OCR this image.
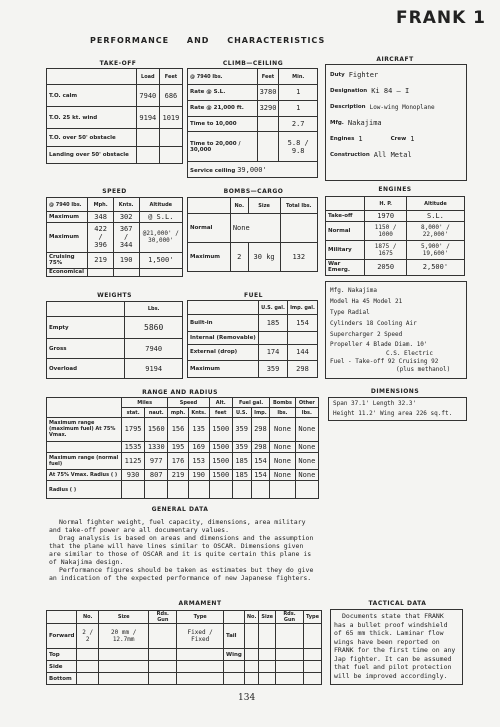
FRANK 1
PERFORMANCE AND CHARACTERISTICS
TAKE-OFF
	Load	Feet
T.O. calm	7940	686
T.O. 25 kt. wind	9194	1019
T.O. over 50' obstacle		
Landing over 50' obstacle		
CLIMB—CEILING
@ 7940 lbs.	Feet	Min.
Rate @ S.L.	3780	1
Rate @ 21,000 ft.	3290	1
Time to 10,000		2.7
Time to 20,000 / 30,000		5.8 / 9.8
Service ceiling 39,000'		
AIRCRAFT
Duty Fighter
Designation Ki 84 — I
Description Low-wing Monoplane
Mfg. Nakajima
Engines 1	Crew 1
Construction All Metal
SPEED
@ 7940 lbs.	Mph.	Knts.	Altitude
Maximum	348	302	@ S.L.
Maximum	422 / 396	367 / 344	@21,000' / 30,000'
Cruising 75%	219	190	1,500'
Economical			
BOMBS—CARGO
	No.	Size	Total lbs.
Normal	None		
Maximum	2	30 kg	132
ENGINES
	H. P.	Altitude
Take-off	1970	S.L.
Normal	1150 / 1000	8,000' / 22,000'
Military	1875 / 1675	5,900' / 19,600'
War Emerg.	2050	2,500'
WEIGHTS
	Lbs.
Empty	5860
Gross	7940
Overload	9194
FUEL
	U.S. gal.	Imp. gal.
Built-in	185	154
Internal (Removable)		
External (drop)	174	144
Maximum	359	298
Mfg. Nakajima
Model Ha 45 Model 21
Type Radial
Cylinders 18 Cooling Air
Supercharger 2 Speed
Propeller 4 Blade Diam. 10'
C.S. Electric
Fuel - Take-off 92 Cruising 92
(plus methanol)
RANGE AND RADIUS
	Miles		Speed		Alt.	Fuel gal.		Bombs	Other
	stat.	naut.	mph.	Knts.	feet	U.S.	Imp.	lbs.	lbs.
Maximum range (maximum fuel) At 75% Vmax.	1795	1560	156	135	1500	359	298	None	None
	1535	1330	195	169	1500	359	298	None	None
Maximum range (normal fuel)	1125	977	176	153	1500	185	154	None	None
At 75% Vmax. Radius ( )	930	807	219	190	1500	185	154	None	None
Radius ( )									
DIMENSIONS
Span 37.1' Length 32.3'
Height 11.2' Wing area 226 sq.ft.
GENERAL DATA

Normal fighter weight, fuel capacity, dimensions, area military and take-off power are all documentary values.

Drag analysis is based on areas and dimensions and the assumption that the plane will have lines similar to OSCAR. Dimensions given are similar to those of OSCAR and it is quite certain this plane is of Nakajima design.

Performance figures should be taken as estimates but they do give an indication of the expected performance of new Japanese fighters.

ARMAMENT
	No.	Size	Rds. Gun	Type		No.	Size	Rds. Gun	Type
Forward	2 / 2	20 mm / 12.7mm		Fixed / Fixed	Tail				
Top					Wing				
Side									
Bottom									
TACTICAL DATA

Documents state that FRANK has a bullet proof windshield of 65 mm thick. Laminar flow wings have been reported on FRANK for the first time on any Jap fighter. It can be assumed that fuel and pilot protection will be improved accordingly.

134
